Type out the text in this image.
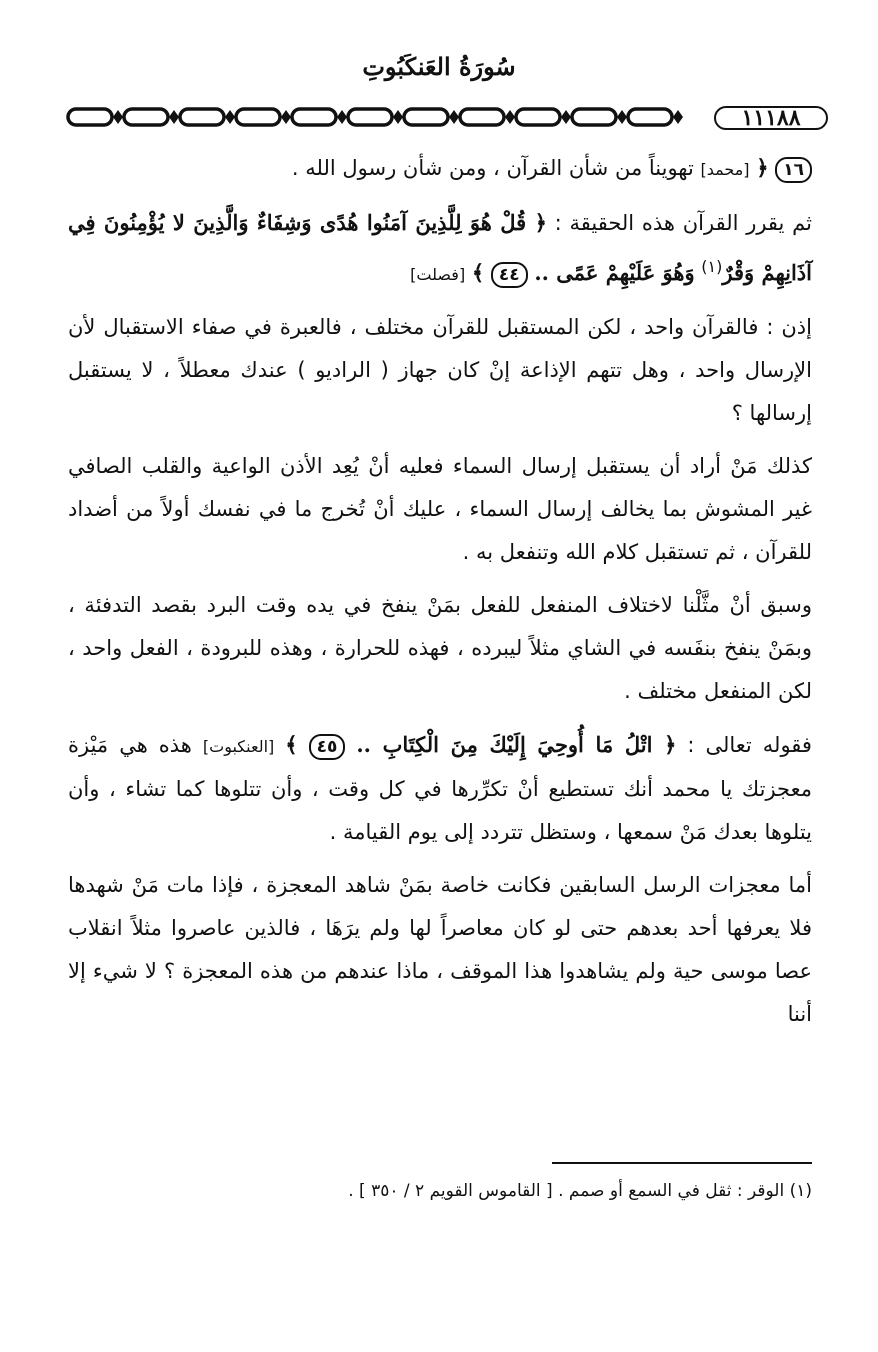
سُورَةُ العَنكَبُوتِ
١١١٨٨

١٦ ﴿ [محمد] تهويناً من شأن القرآن ، ومن شأن رسول الله .

ثم يقرر القرآن هذه الحقيقة : ﴿ قُلْ هُوَ لِلَّذِينَ آمَنُوا هُدًى وَشِفَاءٌ وَالَّذِينَ لا يُؤْمِنُونَ فِي آذَانِهِمْ وَقْرٌ$^{(١)}$ وَهُوَ عَلَيْهِمْ عَمًى .. ٤٤ ﴾ [فصلت]

إذن : فالقرآن واحد ، لكن المستقبل للقرآن مختلف ، فالعبرة في صفاء الاستقبال لأن الإرسال واحد ، وهل تتهم الإذاعة إنْ كان جهاز ( الراديو ) عندك معطلاً ، لا يستقبل إرسالها ؟

كذلك مَنْ أراد أن يستقبل إرسال السماء فعليه أنْ يُعِد الأذن الواعية والقلب الصافي غير المشوش بما يخالف إرسال السماء ، عليك أنْ تُخرج ما في نفسك أولاً من أضداد للقرآن ، ثم تستقبل كلام الله وتنفعل به .

وسبق أنْ مثَّلْنا لاختلاف المنفعل للفعل بمَنْ ينفخ في يده وقت البرد بقصد التدفئة ، وبمَنْ ينفخ بنفَسه في الشاي مثلاً ليبرده ، فهذه للحرارة ، وهذه للبرودة ، الفعل واحد ، لكن المنفعل مختلف .

فقوله تعالى : ﴿ اتْلُ مَا أُوحِيَ إِلَيْكَ مِنَ الْكِتَابِ .. ٤٥ ﴾ [العنكبوت] هذه هي مَيْزة معجزتك يا محمد أنك تستطيع أنْ تكرِّرها في كل وقت ، وأن تتلوها كما تشاء ، وأن يتلوها بعدك مَنْ سمعها ، وستظل تتردد إلى يوم القيامة .

أما معجزات الرسل السابقين فكانت خاصة بمَنْ شاهد المعجزة ، فإذا مات مَنْ شهدها فلا يعرفها أحد بعدهم حتى لو كان معاصراً لها ولم يرَهَا ، فالذين عاصروا مثلاً انقلاب عصا موسى حية ولم يشاهدوا هذا الموقف ، ماذا عندهم من هذه المعجزة ؟ لا شيء إلا أننا

(١) الوقر : ثقل في السمع أو صمم . [ القاموس القويم ٢ / ٣٥٠ ] .
